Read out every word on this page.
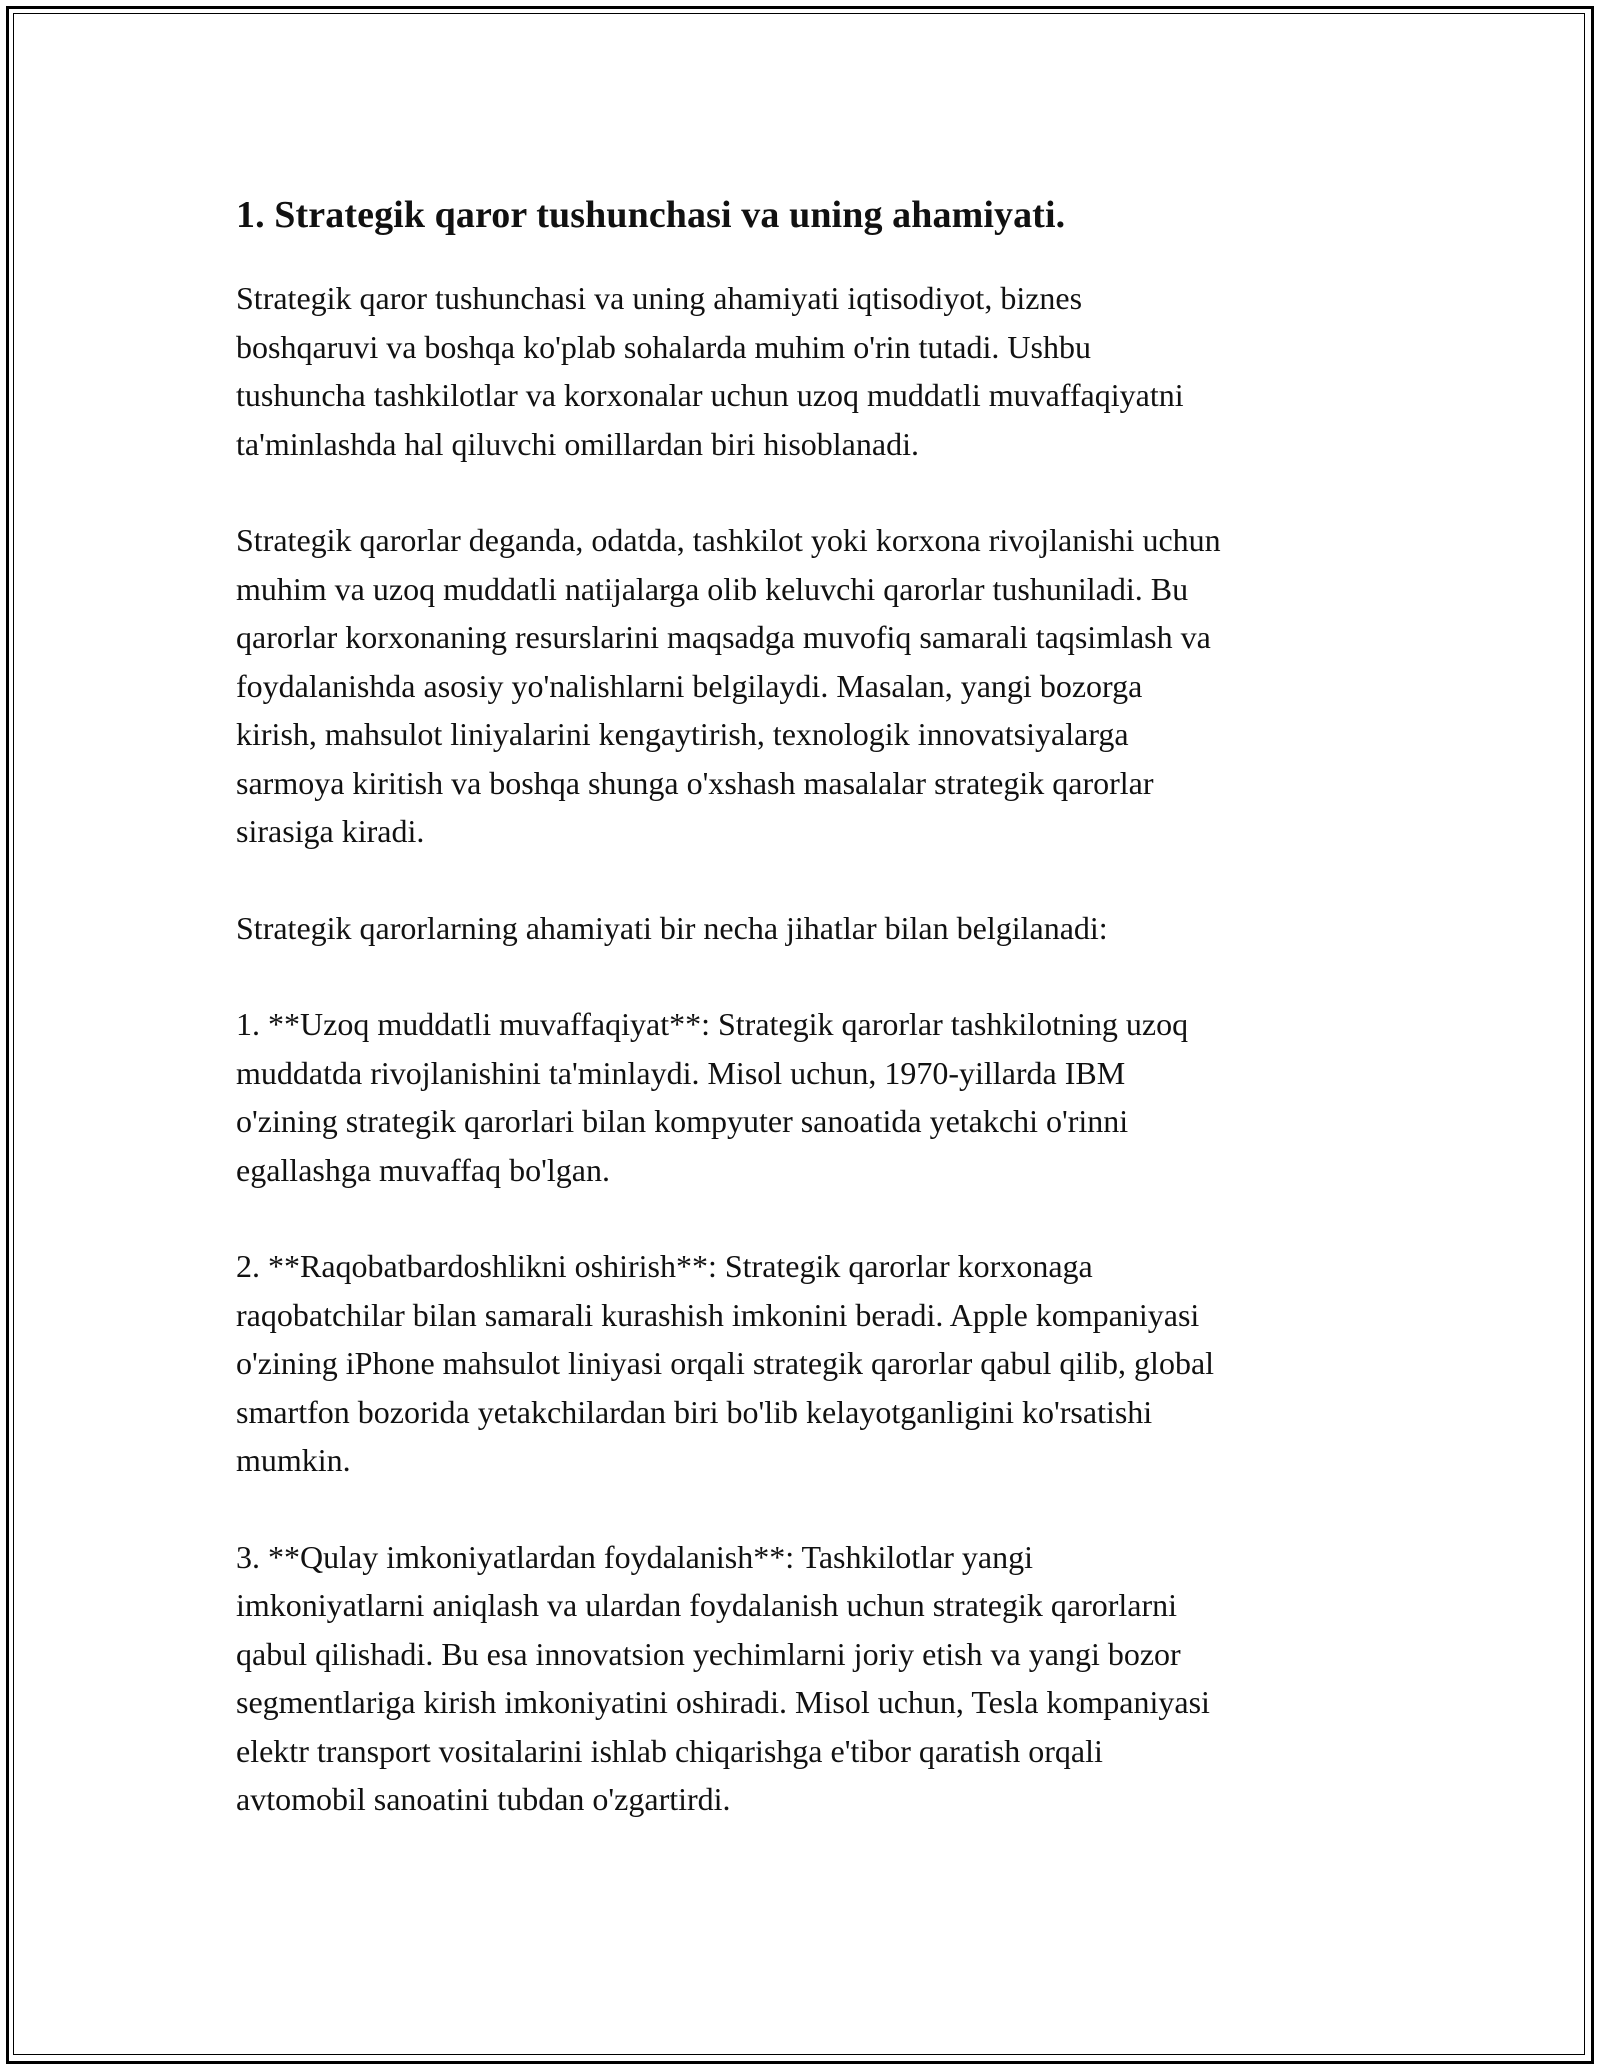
1. Strategik qaror tushunchasi va uning ahamiyati.

Strategik qaror tushunchasi va uning ahamiyati iqtisodiyot, biznes
boshqaruvi va boshqa ko'plab sohalarda muhim o'rin tutadi. Ushbu
tushuncha tashkilotlar va korxonalar uchun uzoq muddatli muvaffaqiyatni
ta'minlashda hal qiluvchi omillardan biri hisoblanadi.

Strategik qarorlar deganda, odatda, tashkilot yoki korxona rivojlanishi uchun
muhim va uzoq muddatli natijalarga olib keluvchi qarorlar tushuniladi. Bu
qarorlar korxonaning resurslarini maqsadga muvofiq samarali taqsimlash va
foydalanishda asosiy yo'nalishlarni belgilaydi. Masalan, yangi bozorga
kirish, mahsulot liniyalarini kengaytirish, texnologik innovatsiyalarga
sarmoya kiritish va boshqa shunga o'xshash masalalar strategik qarorlar
sirasiga kiradi.

Strategik qarorlarning ahamiyati bir necha jihatlar bilan belgilanadi:

1. **Uzoq muddatli muvaffaqiyat**: Strategik qarorlar tashkilotning uzoq
muddatda rivojlanishini ta'minlaydi. Misol uchun, 1970-yillarda IBM
o'zining strategik qarorlari bilan kompyuter sanoatida yetakchi o'rinni
egallashga muvaffaq bo'lgan.

2. **Raqobatbardoshlikni oshirish**: Strategik qarorlar korxonaga
raqobatchilar bilan samarali kurashish imkonini beradi. Apple kompaniyasi
o'zining iPhone mahsulot liniyasi orqali strategik qarorlar qabul qilib, global
smartfon bozorida yetakchilardan biri bo'lib kelayotganligini ko'rsatishi
mumkin.

3. **Qulay imkoniyatlardan foydalanish**: Tashkilotlar yangi
imkoniyatlarni aniqlash va ulardan foydalanish uchun strategik qarorlarni
qabul qilishadi. Bu esa innovatsion yechimlarni joriy etish va yangi bozor
segmentlariga kirish imkoniyatini oshiradi. Misol uchun, Tesla kompaniyasi
elektr transport vositalarini ishlab chiqarishga e'tibor qaratish orqali
avtomobil sanoatini tubdan o'zgartirdi.
